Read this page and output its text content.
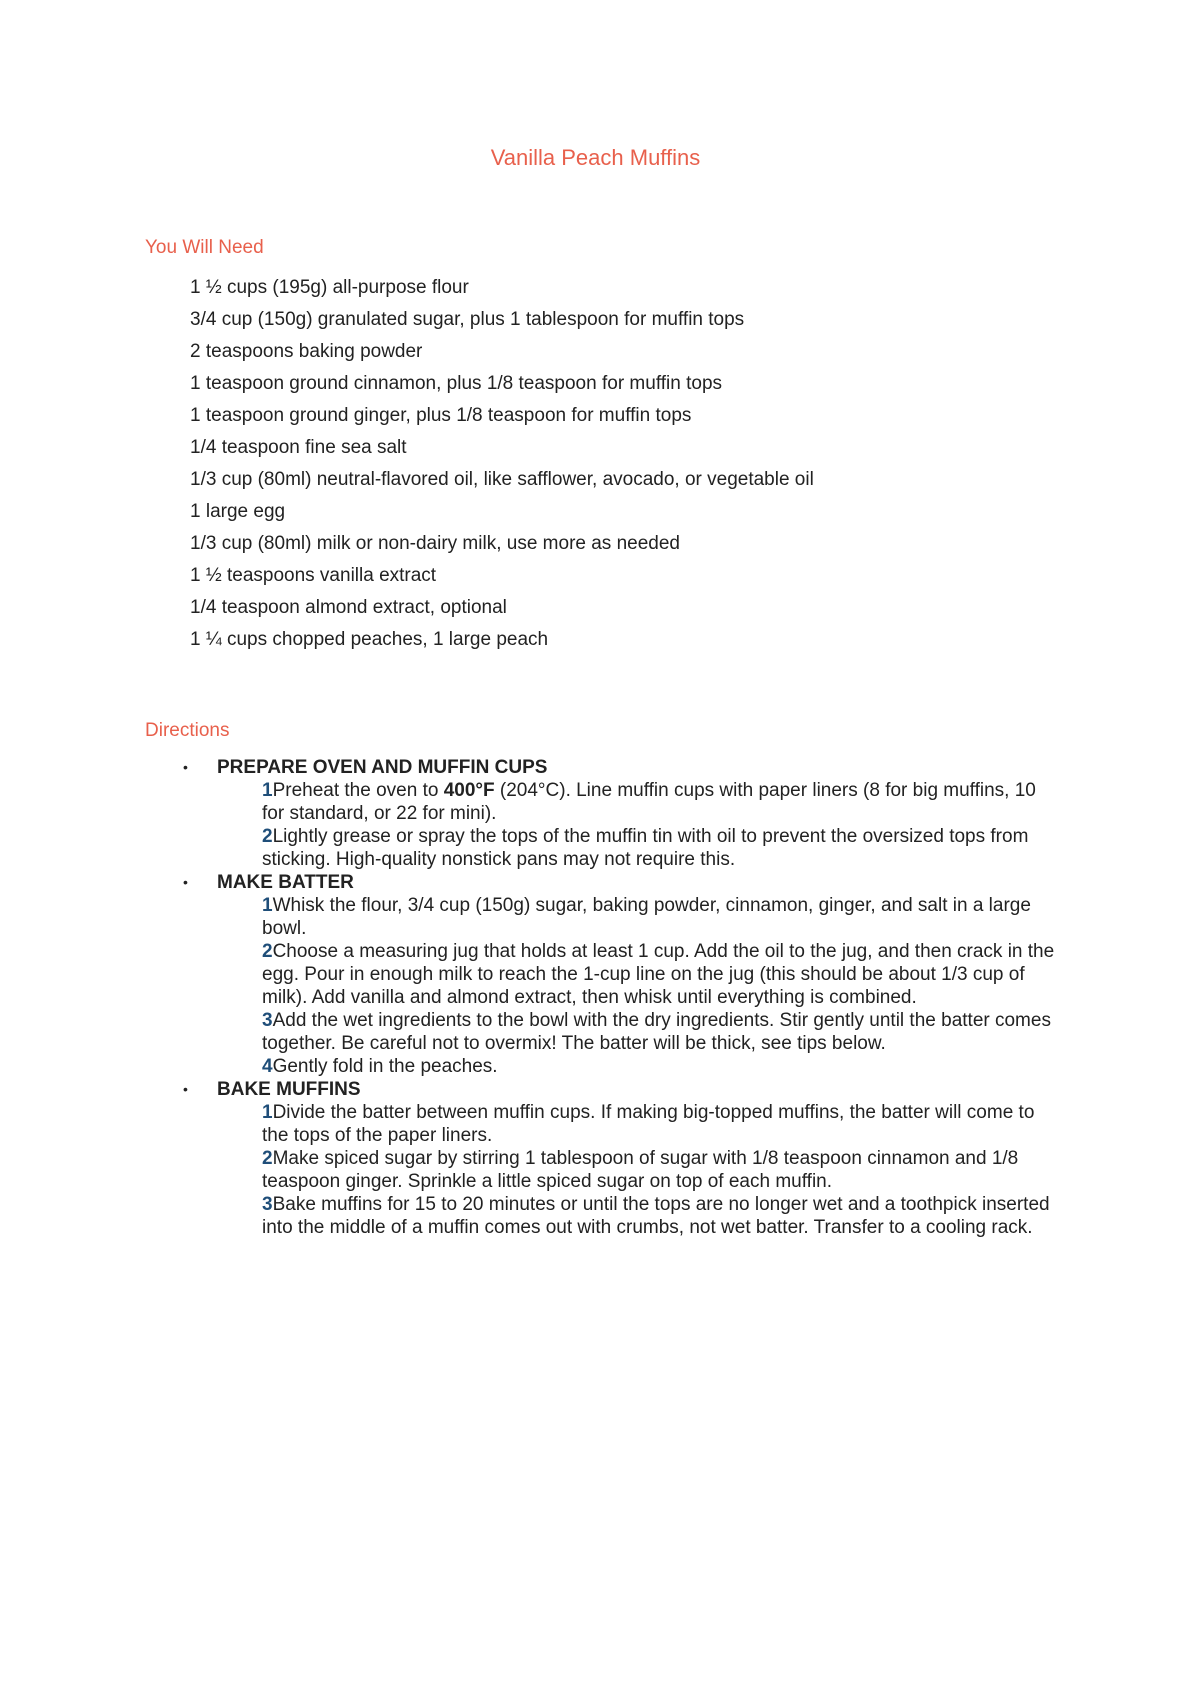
Vanilla Peach Muffins
You Will Need
1 ½ cups (195g) all-purpose flour
3/4 cup (150g) granulated sugar, plus 1 tablespoon for muffin tops
2 teaspoons baking powder
1 teaspoon ground cinnamon, plus 1/8 teaspoon for muffin tops
1 teaspoon ground ginger, plus 1/8 teaspoon for muffin tops
1/4 teaspoon fine sea salt
1/3 cup (80ml) neutral-flavored oil, like safflower, avocado, or vegetable oil
1 large egg
1/3 cup (80ml) milk or non-dairy milk, use more as needed
1 ½ teaspoons vanilla extract
1/4 teaspoon almond extract, optional
1 ¼ cups chopped peaches, 1 large peach
Directions
• PREPARE OVEN AND MUFFIN CUPS
1Preheat the oven to 400°F (204°C). Line muffin cups with paper liners (8 for big muffins, 10 for standard, or 22 for mini).
2Lightly grease or spray the tops of the muffin tin with oil to prevent the oversized tops from sticking. High-quality nonstick pans may not require this.
• MAKE BATTER
1Whisk the flour, 3/4 cup (150g) sugar, baking powder, cinnamon, ginger, and salt in a large bowl.
2Choose a measuring jug that holds at least 1 cup. Add the oil to the jug, and then crack in the egg. Pour in enough milk to reach the 1-cup line on the jug (this should be about 1/3 cup of milk). Add vanilla and almond extract, then whisk until everything is combined.
3Add the wet ingredients to the bowl with the dry ingredients. Stir gently until the batter comes together. Be careful not to overmix! The batter will be thick, see tips below.
4Gently fold in the peaches.
• BAKE MUFFINS
1Divide the batter between muffin cups. If making big-topped muffins, the batter will come to the tops of the paper liners.
2Make spiced sugar by stirring 1 tablespoon of sugar with 1/8 teaspoon cinnamon and 1/8 teaspoon ginger. Sprinkle a little spiced sugar on top of each muffin.
3Bake muffins for 15 to 20 minutes or until the tops are no longer wet and a toothpick inserted into the middle of a muffin comes out with crumbs, not wet batter. Transfer to a cooling rack.
